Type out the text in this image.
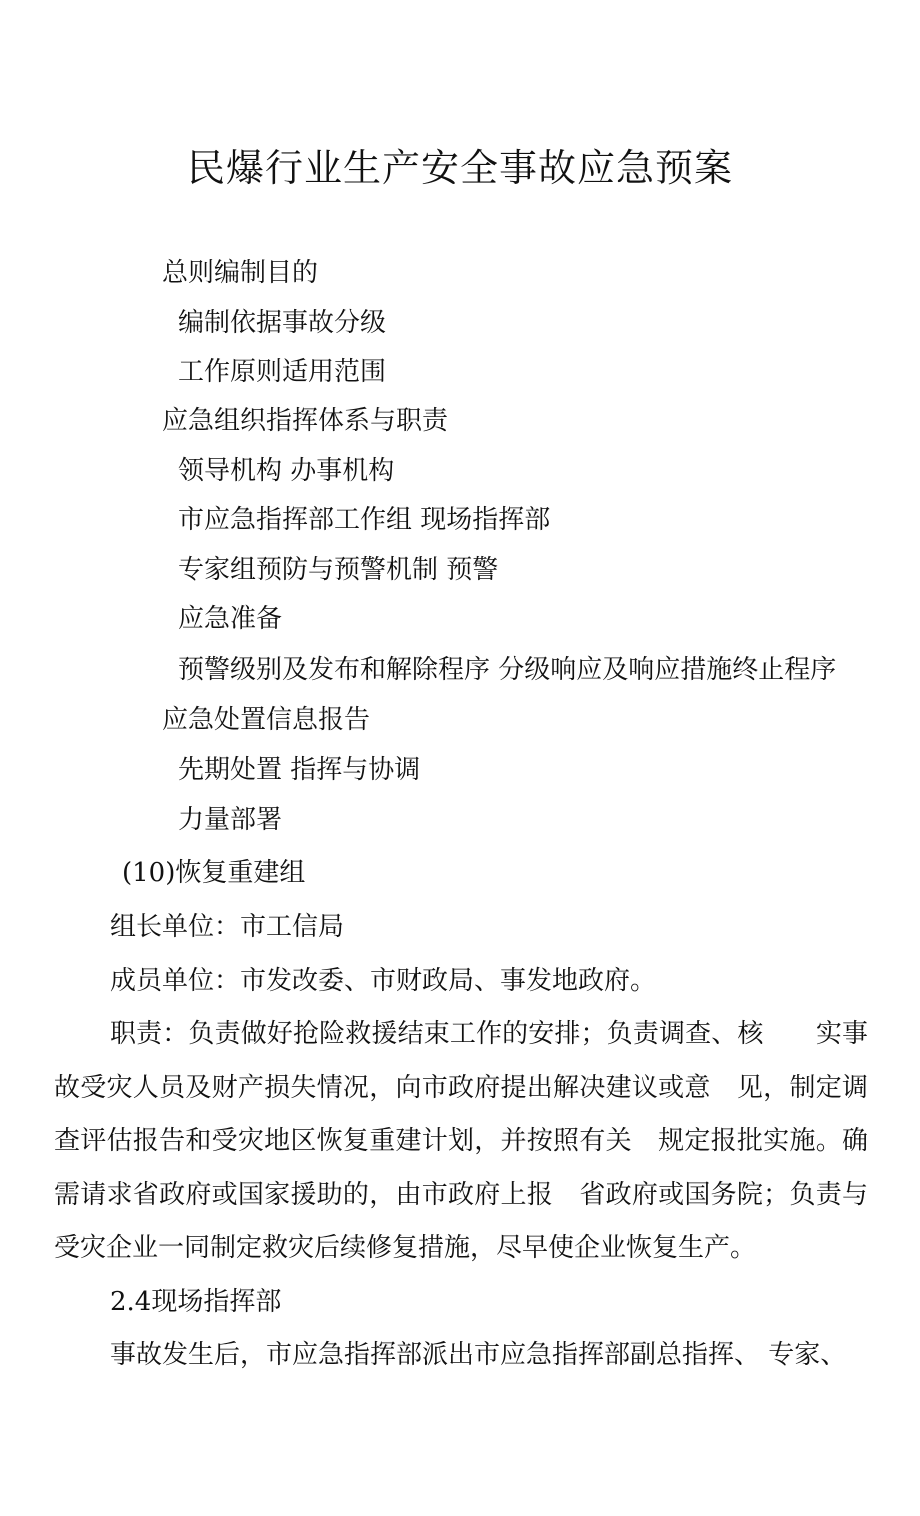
民爆行业生产安全事故应急预案
总则编制目的
编制依据事故分级
工作原则适用范围
应急组织指挥体系与职责
领导机构 办事机构
市应急指挥部工作组 现场指挥部
专家组预防与预警机制 预警
应急准备
预警级别及发布和解除程序 分级响应及响应措施终止程序
应急处置信息报告
先期处置 指挥与协调
力量部署
(10)恢复重建组

组长单位：市工信局

成员单位：市发改委、市财政局、事发地政府。

职责：负责做好抢险救援结束工作的安排；负责调查、核　　实事故受灾人员及财产损失情况，向市政府提出解决建议或意　见，制定调查评估报告和受灾地区恢复重建计划，并按照有关　规定报批实施。确需请求省政府或国家援助的，由市政府上报　省政府或国务院；负责与受灾企业一同制定救灾后续修复措施，尽早使企业恢复生产。

2.4现场指挥部

事故发生后，市应急指挥部派出市应急指挥部副总指挥、 专家、
